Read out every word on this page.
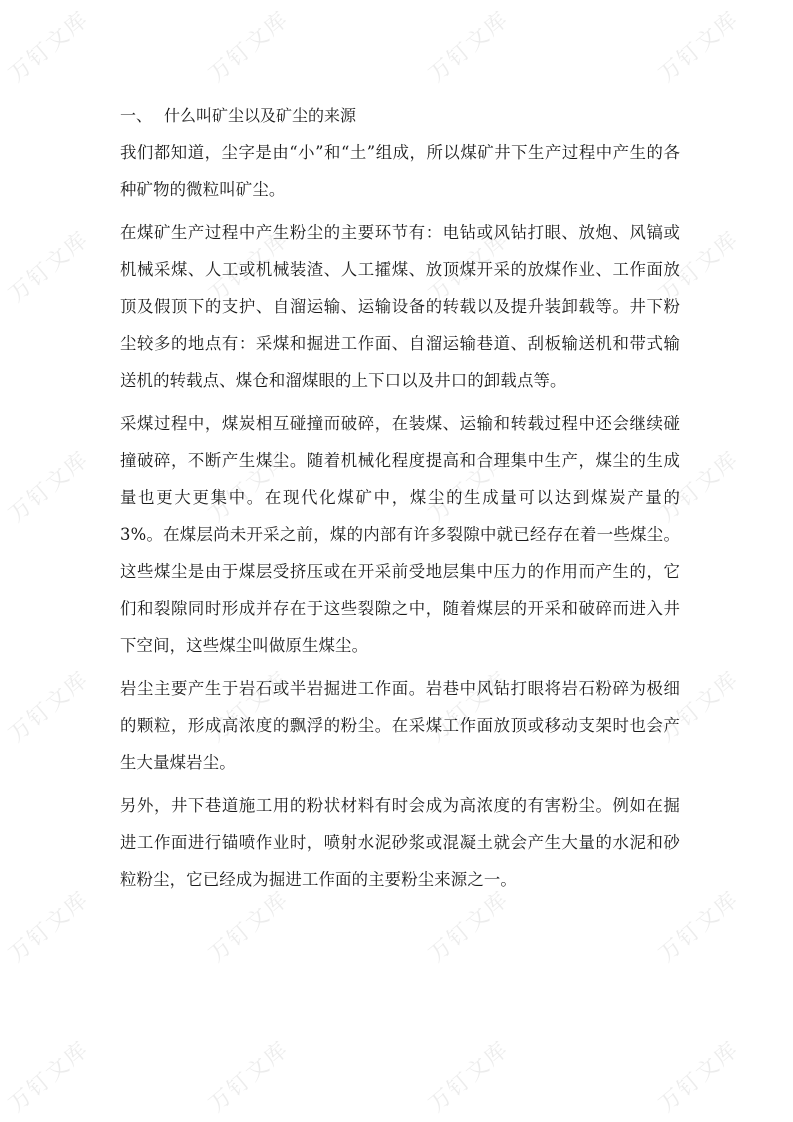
万钉文库	万钉文库	万钉文库	万钉文库
万钉文库	万钉文库	万钉文库	万钉文库
万钉文库	万钉文库	万钉文库	万钉文库
万钉文库	万钉文库	万钉文库	万钉文库
万钉文库	万钉文库	万钉文库	万钉文库
万钉文库	万钉文库	万钉文库	万钉文库
一、 什么叫矿尘以及矿尘的来源

我们都知道，尘字是由“小”和“土”组成，所以煤矿井下生产过程中产生的各种矿物的微粒叫矿尘。

在煤矿生产过程中产生粉尘的主要环节有：电钻或风钻打眼、放炮、风镐或机械采煤、人工或机械装渣、人工攉煤、放顶煤开采的放煤作业、工作面放顶及假顶下的支护、自溜运输、运输设备的转载以及提升装卸载等。井下粉尘较多的地点有：采煤和掘进工作面、自溜运输巷道、刮板输送机和带式输送机的转载点、煤仓和溜煤眼的上下口以及井口的卸载点等。

采煤过程中，煤炭相互碰撞而破碎，在装煤、运输和转载过程中还会继续碰撞破碎，不断产生煤尘。随着机械化程度提高和合理集中生产，煤尘的生成量也更大更集中。在现代化煤矿中，煤尘的生成量可以达到煤炭产量的 3%。在煤层尚未开采之前，煤的内部有许多裂隙中就已经存在着一些煤尘。这些煤尘是由于煤层受挤压或在开采前受地层集中压力的作用而产生的，它们和裂隙同时形成并存在于这些裂隙之中，随着煤层的开采和破碎而进入井下空间，这些煤尘叫做原生煤尘。

岩尘主要产生于岩石或半岩掘进工作面。岩巷中风钻打眼将岩石粉碎为极细的颗粒，形成高浓度的飘浮的粉尘。在采煤工作面放顶或移动支架时也会产生大量煤岩尘。

另外，井下巷道施工用的粉状材料有时会成为高浓度的有害粉尘。例如在掘进工作面进行锚喷作业时，喷射水泥砂浆或混凝土就会产生大量的水泥和砂粒粉尘，它已经成为掘进工作面的主要粉尘来源之一。
